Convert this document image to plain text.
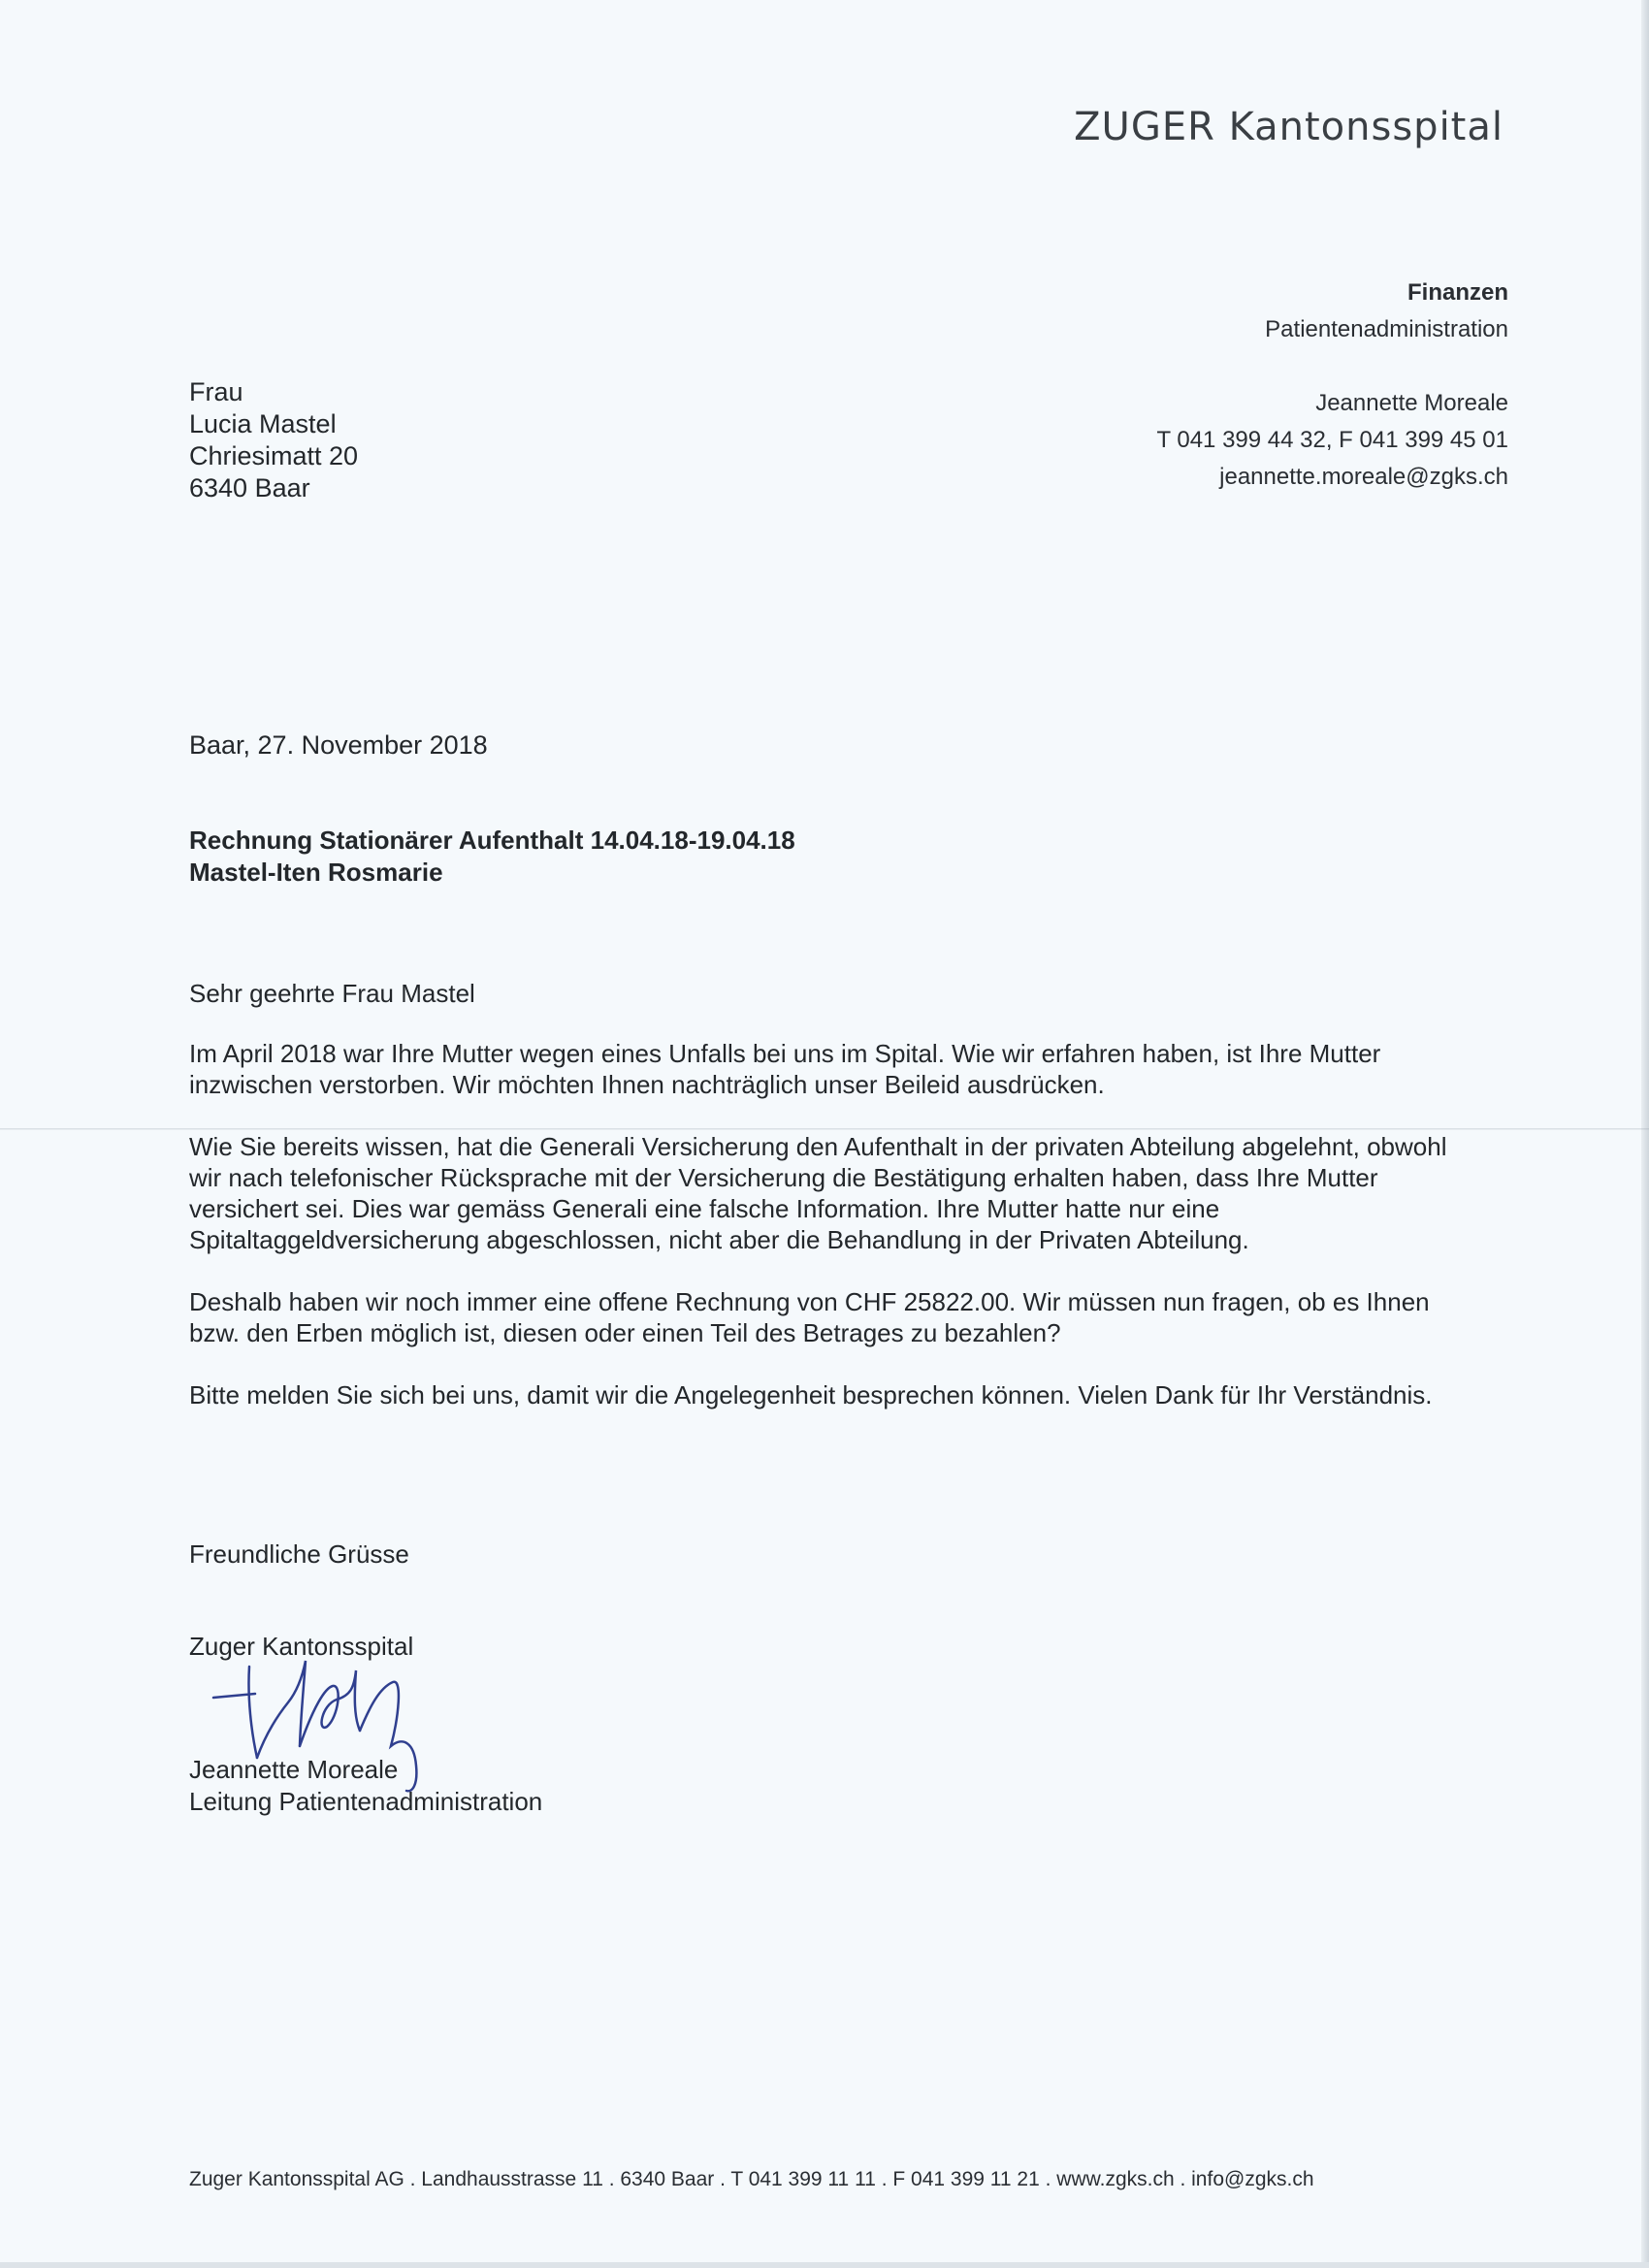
ZUGER Kantonsspital
Finanzen
Patientenadministration
Jeannette Moreale
T 041 399 44 32, F 041 399 45 01
jeannette.moreale@zgks.ch
Frau
Lucia Mastel
Chriesimatt 20
6340 Baar
Baar, 27. November 2018
Rechnung Stationärer Aufenthalt 14.04.18-19.04.18
Mastel-Iten Rosmarie

Sehr geehrte Frau Mastel

Im April 2018 war Ihre Mutter wegen eines Unfalls bei uns im Spital. Wie wir erfahren haben, ist Ihre Mutter inzwischen verstorben. Wir möchten Ihnen nachträglich unser Beileid ausdrücken.

Wie Sie bereits wissen, hat die Generali Versicherung den Aufenthalt in der privaten Abteilung abgelehnt, obwohl wir nach telefonischer Rücksprache mit der Versicherung die Bestätigung erhalten haben, dass Ihre Mutter versichert sei. Dies war gemäss Generali eine falsche Information. Ihre Mutter hatte nur eine Spitaltaggeldversicherung abgeschlossen, nicht aber die Behandlung in der Privaten Abteilung.

Deshalb haben wir noch immer eine offene Rechnung von CHF 25822.00. Wir müssen nun fragen, ob es Ihnen bzw. den Erben möglich ist, diesen oder einen Teil des Betrages zu bezahlen?

Bitte melden Sie sich bei uns, damit wir die Angelegenheit besprechen können. Vielen Dank für Ihr Verständnis.

Freundliche Grüsse
Zuger Kantonsspital
Jeannette Moreale
Leitung Patientenadministration
Zuger Kantonsspital AG . Landhausstrasse 11 . 6340 Baar . T 041 399 11 11 . F 041 399 11 21 . www.zgks.ch . info@zgks.ch
